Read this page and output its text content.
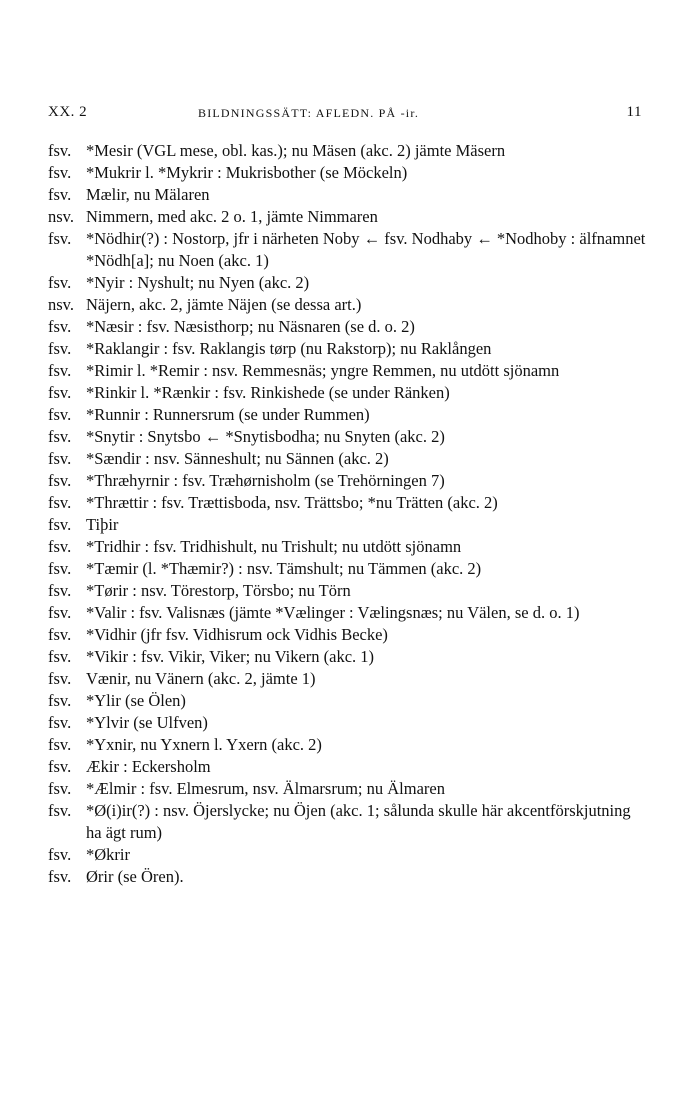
XX. 2	BILDNINGSSÄTT: AFLEDN. PÅ -ir.	11
fsv. *Mesir (VGL mese, obl. kas.); nu Mäsen (akc. 2) jämte Mäsern
fsv. *Mukrir l. *Mykrir : Mukrisbother (se Möckeln)
fsv. Mælir, nu Mälaren
nsv. Nimmern, med akc. 2 o. 1, jämte Nimmaren
fsv. *Nödhir(?) : Nostorp, jfr i närheten Noby ← fsv. Nodhaby ← *Nodhoby : älfnamnet *Nödh[a]; nu Noen (akc. 1)
fsv. *Nyir : Nyshult; nu Nyen (akc. 2)
nsv. Näjern, akc. 2, jämte Näjen (se dessa art.)
fsv. *Næsir : fsv. Næsisthorp; nu Näsnaren (se d. o. 2)
fsv. *Raklangir : fsv. Raklangis tørp (nu Rakstorp); nu Raklången
fsv. *Rimir l. *Remir : nsv. Remmesnäs; yngre Remmen, nu utdött sjönamn
fsv. *Rinkir l. *Rænkir : fsv. Rinkishede (se under Ränken)
fsv. *Runnir : Runnersrum (se under Rummen)
fsv. *Snytir : Snytsbo ← *Snytisbodha; nu Snyten (akc. 2)
fsv. *Sændir : nsv. Sänneshult; nu Sännen (akc. 2)
fsv. *Thræhyrnir : fsv. Træhørnisholm (se Trehörningen 7)
fsv. *Thrættir : fsv. Trættisboda, nsv. Trättsbo; *nu Trätten (akc. 2)
fsv. Tiþir
fsv. *Tridhir : fsv. Tridhishult, nu Trishult; nu utdött sjönamn
fsv. *Tæmir (l. *Thæmir?) : nsv. Tämshult; nu Tämmen (akc. 2)
fsv. *Tørir : nsv. Törestorp, Törsbo; nu Törn
fsv. *Valir : fsv. Valisnæs (jämte *Vælinger : Vælingsnæs; nu Välen, se d. o. 1)
fsv. *Vidhir (jfr fsv. Vidhisrum ock Vidhis Becke)
fsv. *Vikir : fsv. Vikir, Viker; nu Vikern (akc. 1)
fsv. Vænir, nu Vänern (akc. 2, jämte 1)
fsv. *Ylir (se Ölen)
fsv. *Ylvir (se Ulfven)
fsv. *Yxnir, nu Yxnern l. Yxern (akc. 2)
fsv. Ækir : Eckersholm
fsv. *Ælmir : fsv. Elmesrum, nsv. Älmarsrum; nu Älmaren
fsv. *Ø(i)ir(?) : nsv. Öjerslycke; nu Öjen (akc. 1; sålunda skulle här akcentförskjutning ha ägt rum)
fsv. *Økrir
fsv. Ørir (se Ören).
